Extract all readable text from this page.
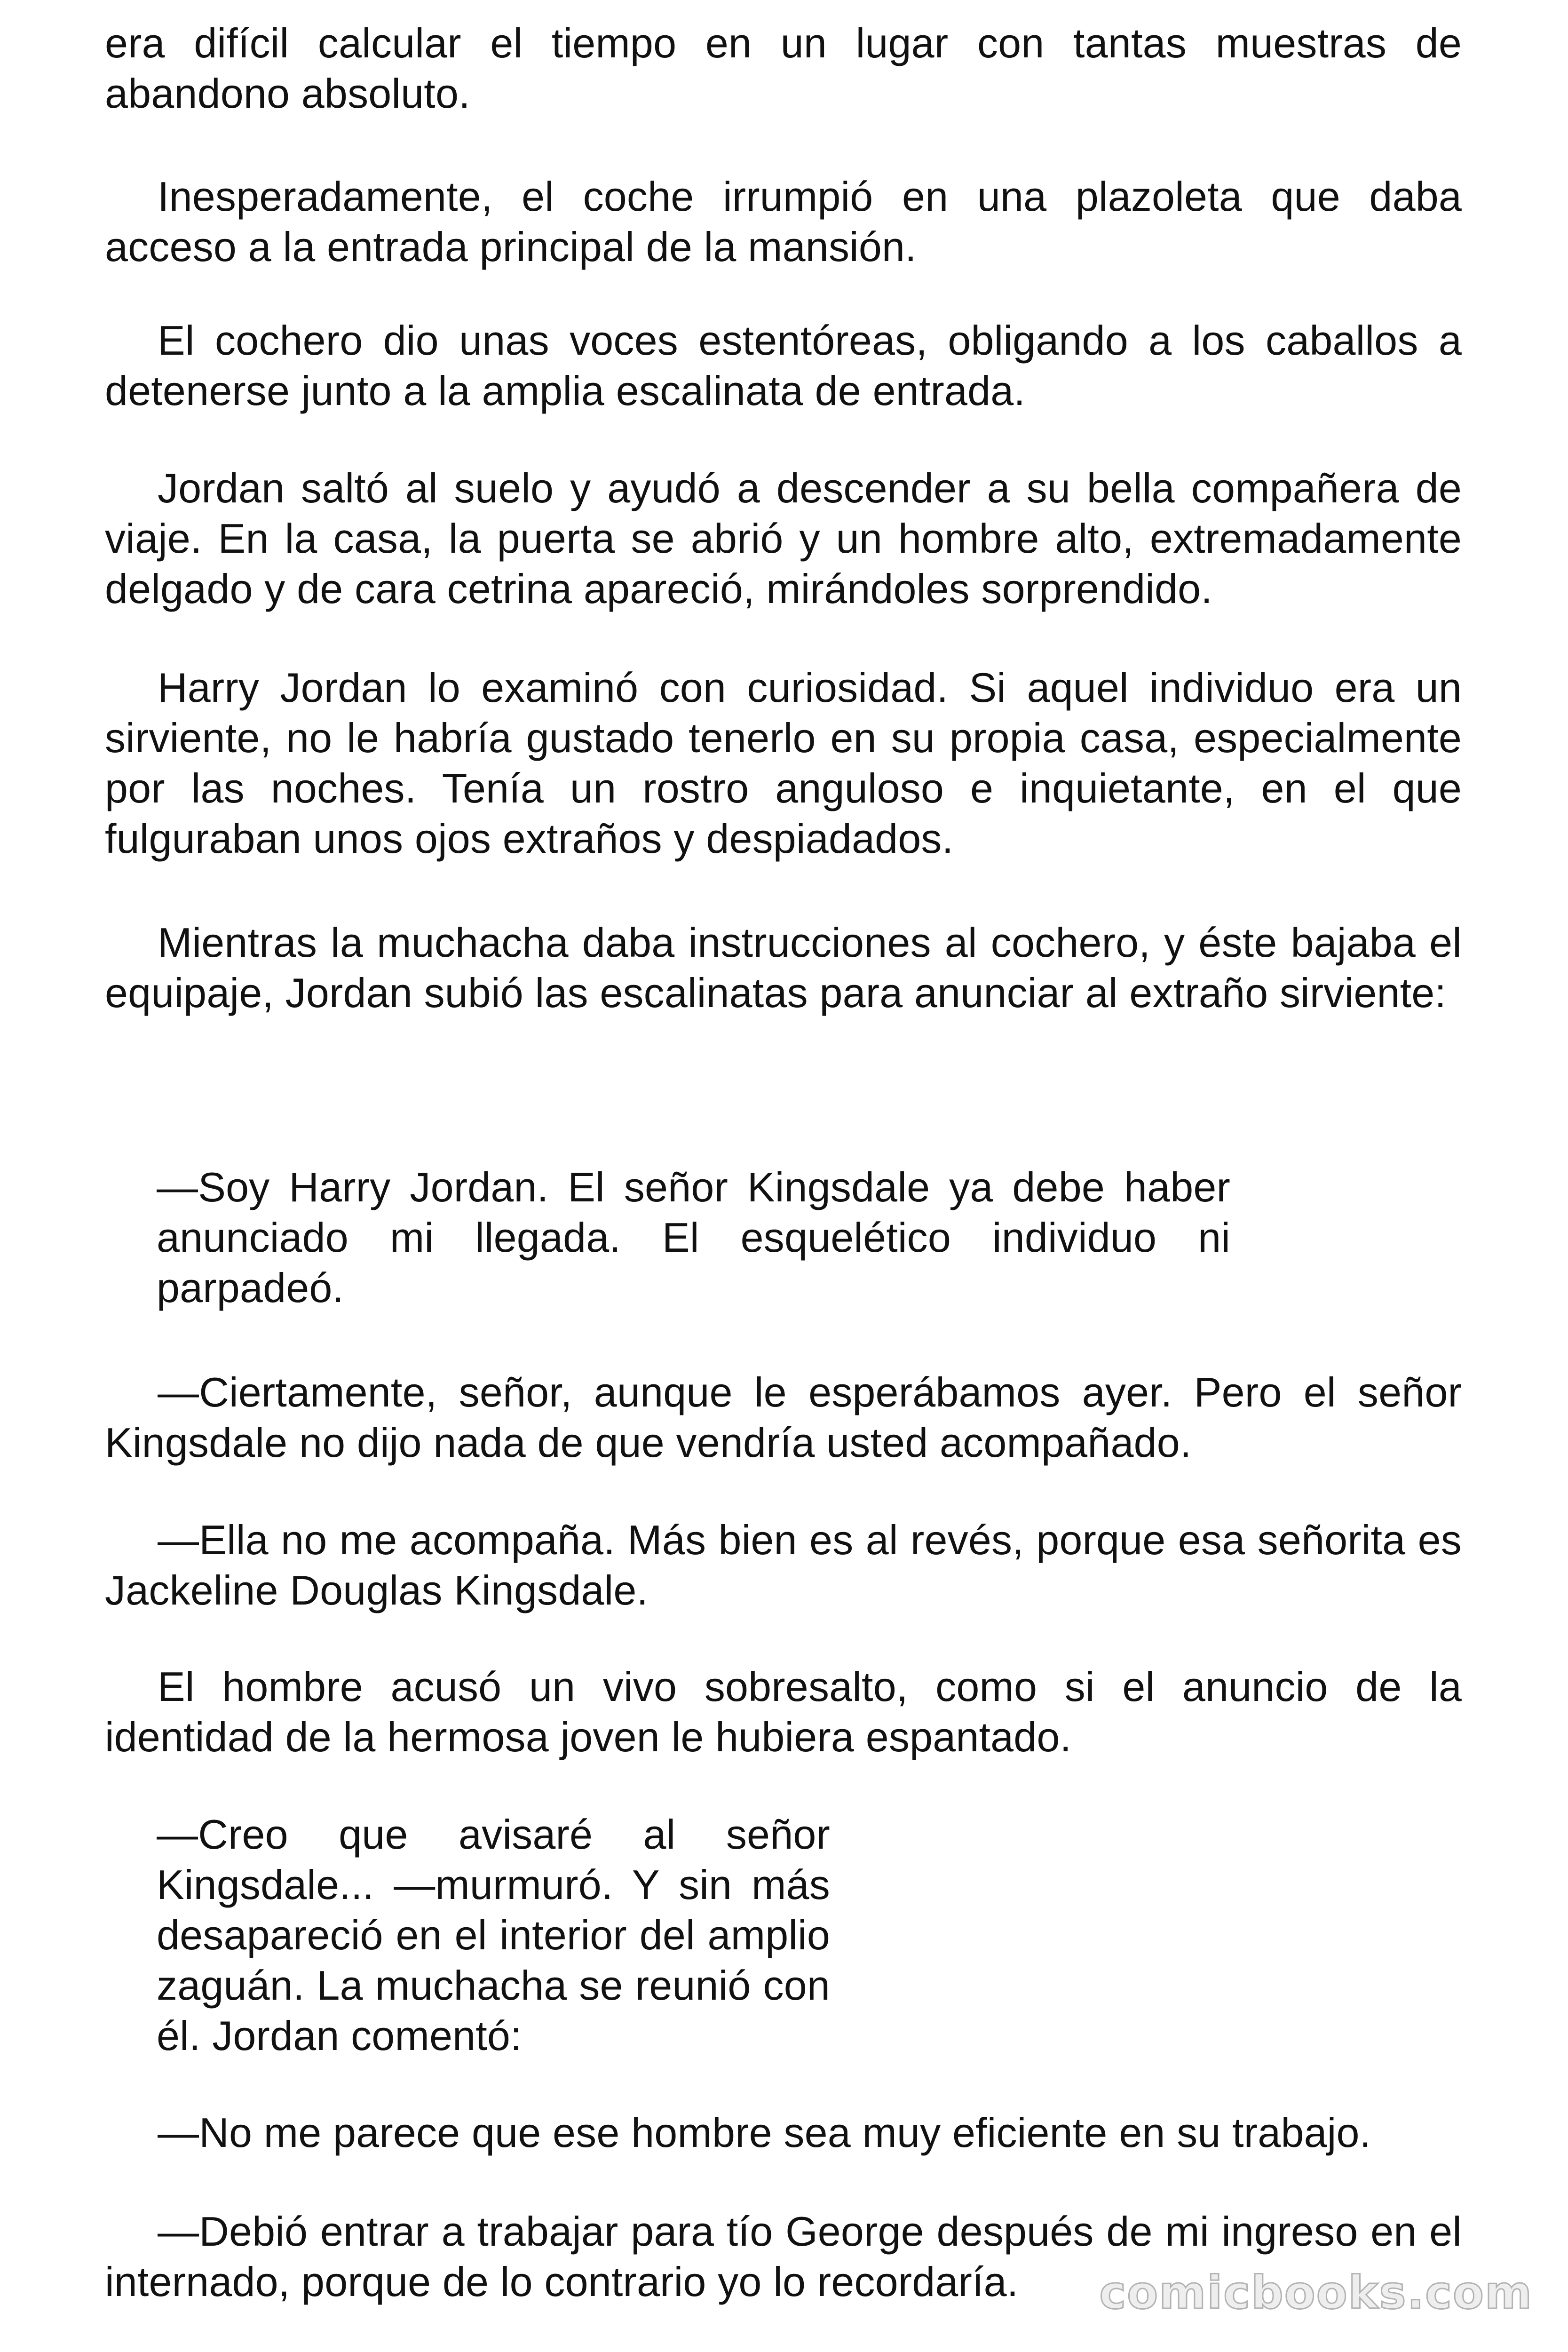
era difícil calcular el tiempo en un lugar con tantas muestras de abandono absoluto.

Inesperadamente, el coche irrumpió en una plazoleta que daba acceso a la entrada principal de la mansión.

El cochero dio unas voces estentóreas, obligando a los caballos a detenerse junto a la amplia escalinata de entrada.

Jordan saltó al suelo y ayudó a descender a su bella compañera de viaje. En la casa, la puerta se abrió y un hombre alto, extremadamente delgado y de cara cetrina apareció, mirándoles sorprendido.

Harry Jordan lo examinó con curiosidad. Si aquel individuo era un sirviente, no le habría gustado tenerlo en su propia casa, especialmente por las noches. Tenía un rostro anguloso e inquietante, en el que fulguraban unos ojos extraños y despiadados.

Mientras la muchacha daba instrucciones al cochero, y éste bajaba el equipaje, Jordan subió las escalinatas para anunciar al extraño sirviente:

—Soy Harry Jordan. El señor Kingsdale ya debe haber anunciado mi llegada. El esquelético individuo ni parpadeó.

—Ciertamente, señor, aunque le esperábamos ayer. Pero el señor Kingsdale no dijo nada de que vendría usted acompañado.

—Ella no me acompaña. Más bien es al revés, porque esa señorita es Jackeline Douglas Kingsdale.

El hombre acusó un vivo sobresalto, como si el anuncio de la identidad de la hermosa joven le hubiera espantado.

—Creo que avisaré al señor Kingsdale... —murmuró. Y sin más desapareció en el interior del amplio zaguán. La muchacha se reunió con él. Jordan comentó:

—No me parece que ese hombre sea muy eficiente en su trabajo.

—Debió entrar a trabajar para tío George después de mi ingreso en el internado, porque de lo contrario yo lo recordaría.	comicbooks.com
